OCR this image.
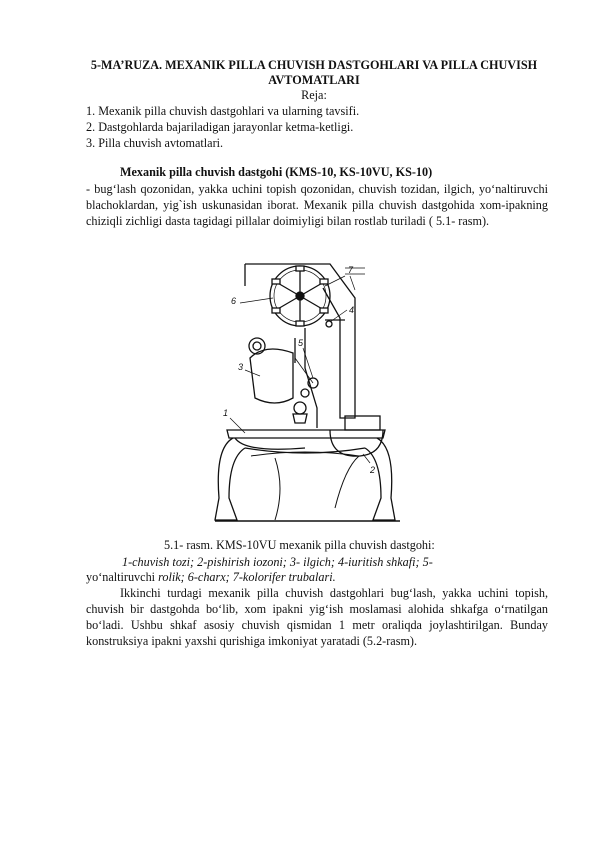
5-MA’RUZA. MEXANIK PILLA CHUVISH DASTGOHLARI VA PILLA CHUVISH AVTOMATLARI
Reja:
1. Mexanik pilla chuvish dastgohlari va ularning tavsifi.
2. Dastgohlarda bajariladigan jarayonlar ketma-ketligi.
3. Pilla chuvish avtomatlari.
Mexanik pilla chuvish dastgohi (KMS-10, KS-10VU, KS-10)
- bug‘lash qozonidan, yakka uchini topish qozonidan, chuvish tozidan, ilgich, yo‘naltiruvchi blachoklardan, yig`ish uskunasidan iborat. Mexanik pilla chuvish dastgohida xom-ipakning chiziqli zichligi dasta tagidagi pillalar doimiyligi bilan rostlab turiladi ( 5.1- rasm).
1
2
3
4
5
6
7
5.1- rasm. KMS-10VU mexanik pilla chuvish dastgohi:
1-chuvish tozi; 2-pishirish iozoni; 3- ilgich; 4-iuritish shkafi; 5-
yo‘naltiruvchi rolik; 6-charx; 7-kolorifer trubalari.
Ikkinchi turdagi mexanik pilla chuvish dastgohlari bug‘lash, yakka uchini topish, chuvish bir dastgohda bo‘lib, xom ipakni yig‘ish moslamasi alohida shkafga o‘rnatilgan bo‘ladi. Ushbu shkaf asosiy chuvish qismidan 1 metr oraliqda joylashtirilgan. Bunday konstruksiya ipakni yaxshi qurishiga imkoniyat yaratadi (5.2-rasm).
